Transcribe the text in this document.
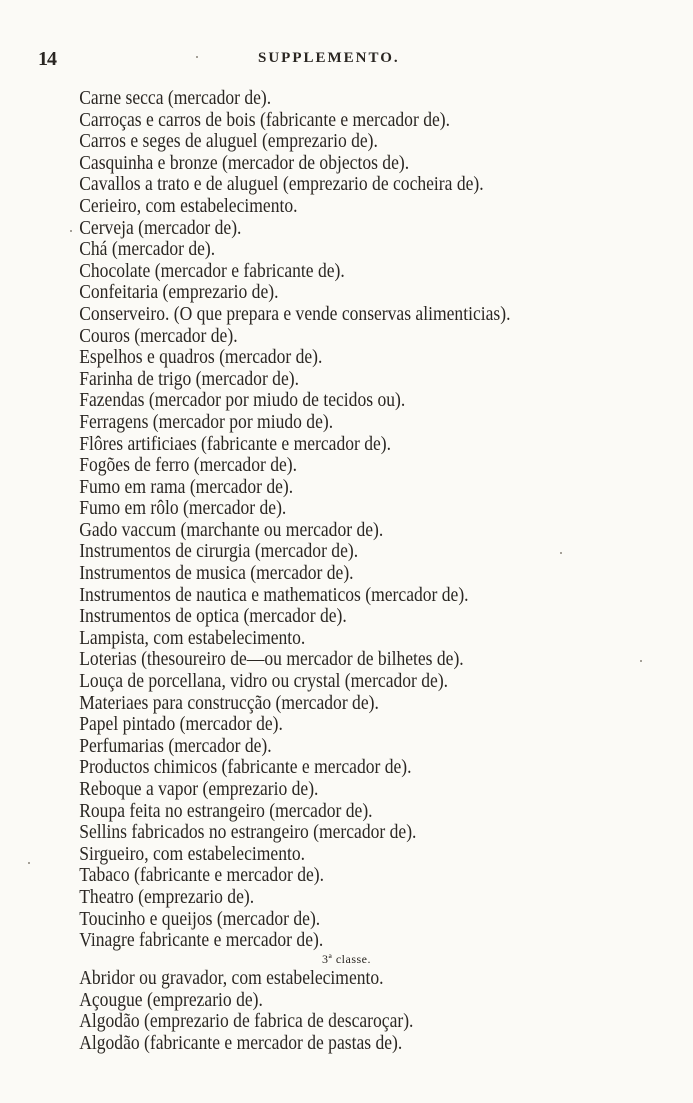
14	SUPPLEMENTO.
Carne secca (mercador de).
Carroças e carros de bois (fabricante e mercador de).
Carros e seges de aluguel (emprezario de).
Casquinha e bronze (mercador de objectos de).
Cavallos a trato e de aluguel (emprezario de cocheira de).
Cerieiro, com estabelecimento.
Cerveja (mercador de).
Chá (mercador de).
Chocolate (mercador e fabricante de).
Confeitaria (emprezario de).
Conserveiro. (O que prepara e vende conservas alimenticias).
Couros (mercador de).
Espelhos e quadros (mercador de).
Farinha de trigo (mercador de).
Fazendas (mercador por miudo de tecidos ou).
Ferragens (mercador por miudo de).
Flôres artificiaes (fabricante e mercador de).
Fogões de ferro (mercador de).
Fumo em rama (mercador de).
Fumo em rôlo (mercador de).
Gado vaccum (marchante ou mercador de).
Instrumentos de cirurgia (mercador de).
Instrumentos de musica (mercador de).
Instrumentos de nautica e mathematicos (mercador de).
Instrumentos de optica (mercador de).
Lampista, com estabelecimento.
Loterias (thesoureiro de—ou mercador de bilhetes de).
Louça de porcellana, vidro ou crystal (mercador de).
Materiaes para construcção (mercador de).
Papel pintado (mercador de).
Perfumarias (mercador de).
Productos chimicos (fabricante e mercador de).
Reboque a vapor (emprezario de).
Roupa feita no estrangeiro (mercador de).
Sellins fabricados no estrangeiro (mercador de).
Sirgueiro, com estabelecimento.
Tabaco (fabricante e mercador de).
Theatro (emprezario de).
Toucinho e queijos (mercador de).
Vinagre fabricante e mercador de).
3ª classe.
Abridor ou gravador, com estabelecimento.
Açougue (emprezario de).
Algodão (emprezario de fabrica de descaroçar).
Algodão (fabricante e mercador de pastas de).
